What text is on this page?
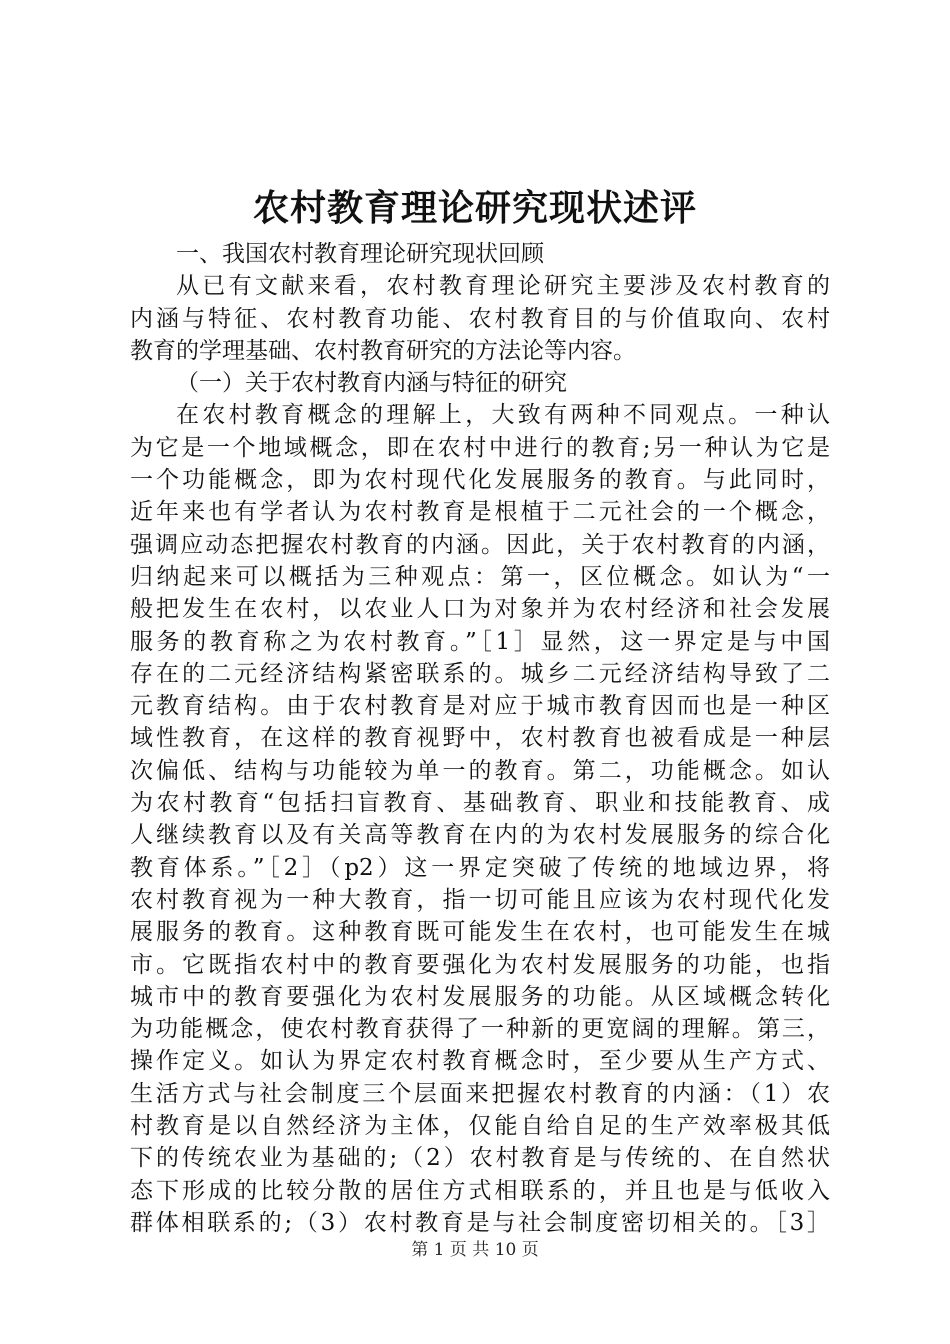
农村教育理论研究现状述评
一、我国农村教育理论研究现状回顾
从已有文献来看，农村教育理论研究主要涉及农村教育的
内涵与特征、农村教育功能、农村教育目的与价值取向、农村
教育的学理基础、农村教育研究的方法论等内容。
（一）关于农村教育内涵与特征的研究
在农村教育概念的理解上，大致有两种不同观点。一种认
为它是一个地域概念，即在农村中进行的教育;另一种认为它是
一个功能概念，即为农村现代化发展服务的教育。与此同时，
近年来也有学者认为农村教育是根植于二元社会的一个概念，
强调应动态把握农村教育的内涵。因此，关于农村教育的内涵，
归纳起来可以概括为三种观点：第一，区位概念。如认为“一
般把发生在农村，以农业人口为对象并为农村经济和社会发展
服务的教育称之为农村教育。”［1］显然，这一界定是与中国
存在的二元经济结构紧密联系的。城乡二元经济结构导致了二
元教育结构。由于农村教育是对应于城市教育因而也是一种区
域性教育，在这样的教育视野中，农村教育也被看成是一种层
次偏低、结构与功能较为单一的教育。第二，功能概念。如认
为农村教育“包括扫盲教育、基础教育、职业和技能教育、成
人继续教育以及有关高等教育在内的为农村发展服务的综合化
教育体系。”［2］（p2）这一界定突破了传统的地域边界，将
农村教育视为一种大教育，指一切可能且应该为农村现代化发
展服务的教育。这种教育既可能发生在农村，也可能发生在城
市。它既指农村中的教育要强化为农村发展服务的功能，也指
城市中的教育要强化为农村发展服务的功能。从区域概念转化
为功能概念，使农村教育获得了一种新的更宽阔的理解。第三，
操作定义。如认为界定农村教育概念时，至少要从生产方式、
生活方式与社会制度三个层面来把握农村教育的内涵：（1）农
村教育是以自然经济为主体，仅能自给自足的生产效率极其低
下的传统农业为基础的;（2）农村教育是与传统的、在自然状
态下形成的比较分散的居住方式相联系的，并且也是与低收入
群体相联系的;（3）农村教育是与社会制度密切相关的。［3］
第 1 页 共 10 页
